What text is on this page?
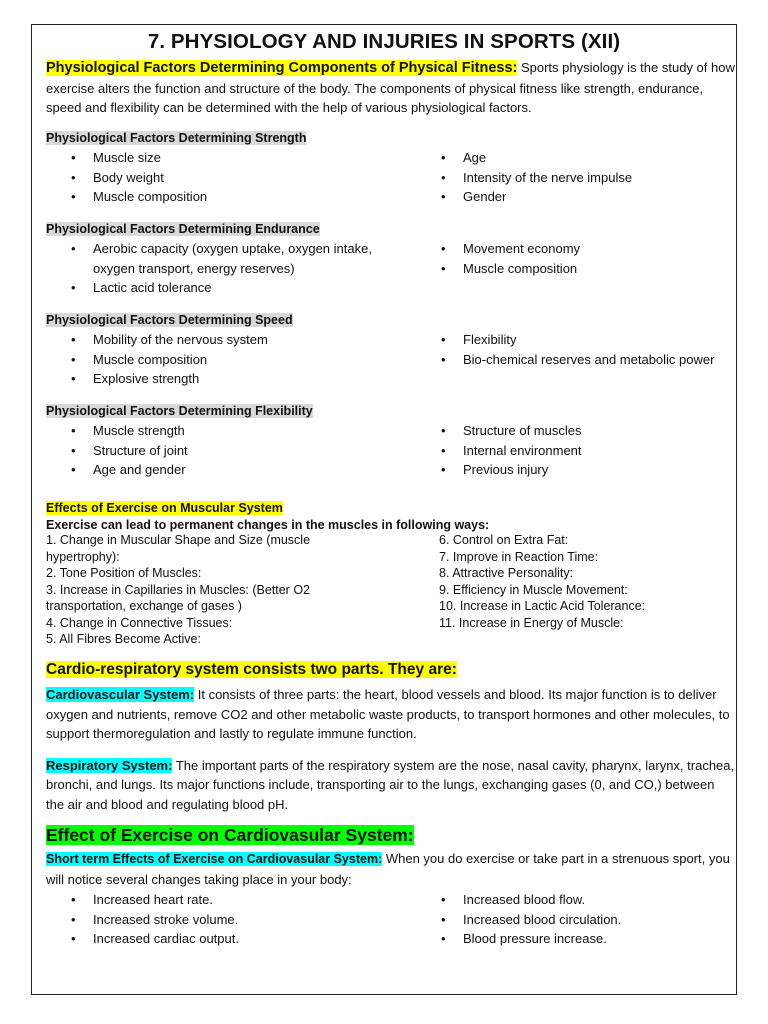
7. PHYSIOLOGY AND INJURIES IN SPORTS (XII)
Physiological Factors Determining Components of Physical Fitness: Sports physiology is the study of how exercise alters the function and structure of the body. The components of physical fitness like strength, endurance, speed and flexibility can be determined with the help of various physiological factors.
Physiological Factors Determining Strength
• Muscle size
• Body weight
• Muscle composition
• Age
• Intensity of the nerve impulse
• Gender
Physiological Factors Determining Endurance
• Aerobic capacity (oxygen uptake, oxygen intake, oxygen transport, energy reserves)
• Lactic acid tolerance
• Movement economy
• Muscle composition
Physiological Factors Determining Speed
• Mobility of the nervous system
• Muscle composition
• Explosive strength
• Flexibility
• Bio-chemical reserves and metabolic power
Physiological Factors Determining Flexibility
• Muscle strength
• Structure of joint
• Age and gender
• Structure of muscles
• Internal environment
• Previous injury
Effects of Exercise on Muscular System
Exercise can lead to permanent changes in the muscles in following ways:
1. Change in Muscular Shape and Size (muscle hypertrophy):
2. Tone Position of Muscles:
3. Increase in Capillaries in Muscles: (Better O2 transportation, exchange of gases )
4. Change in Connective Tissues:
5. All Fibres Become Active:
6. Control on Extra Fat:
7. Improve in Reaction Time:
8. Attractive Personality:
9. Efficiency in Muscle Movement:
10. Increase in Lactic Acid Tolerance:
11. Increase in Energy of Muscle:
Cardio-respiratory system consists two parts. They are:
Cardiovascular System: It consists of three parts: the heart, blood vessels and blood. Its major function is to deliver oxygen and nutrients, remove CO2 and other metabolic waste products, to transport hormones and other molecules, to support thermoregulation and lastly to regulate immune function.
Respiratory System: The important parts of the respiratory system are the nose, nasal cavity, pharynx, larynx, trachea, bronchi, and lungs. Its major functions include, transporting air to the lungs, exchanging gases (0, and CO,) between the air and blood and regulating blood pH.
Effect of Exercise on Cardiovasular System:
Short term Effects of Exercise on Cardiovasular System: When you do exercise or take part in a strenuous sport, you will notice several changes taking place in your body:
• Increased heart rate.
• Increased stroke volume.
• Increased cardiac output.
• Increased blood flow.
• Increased blood circulation.
• Blood pressure increase.
